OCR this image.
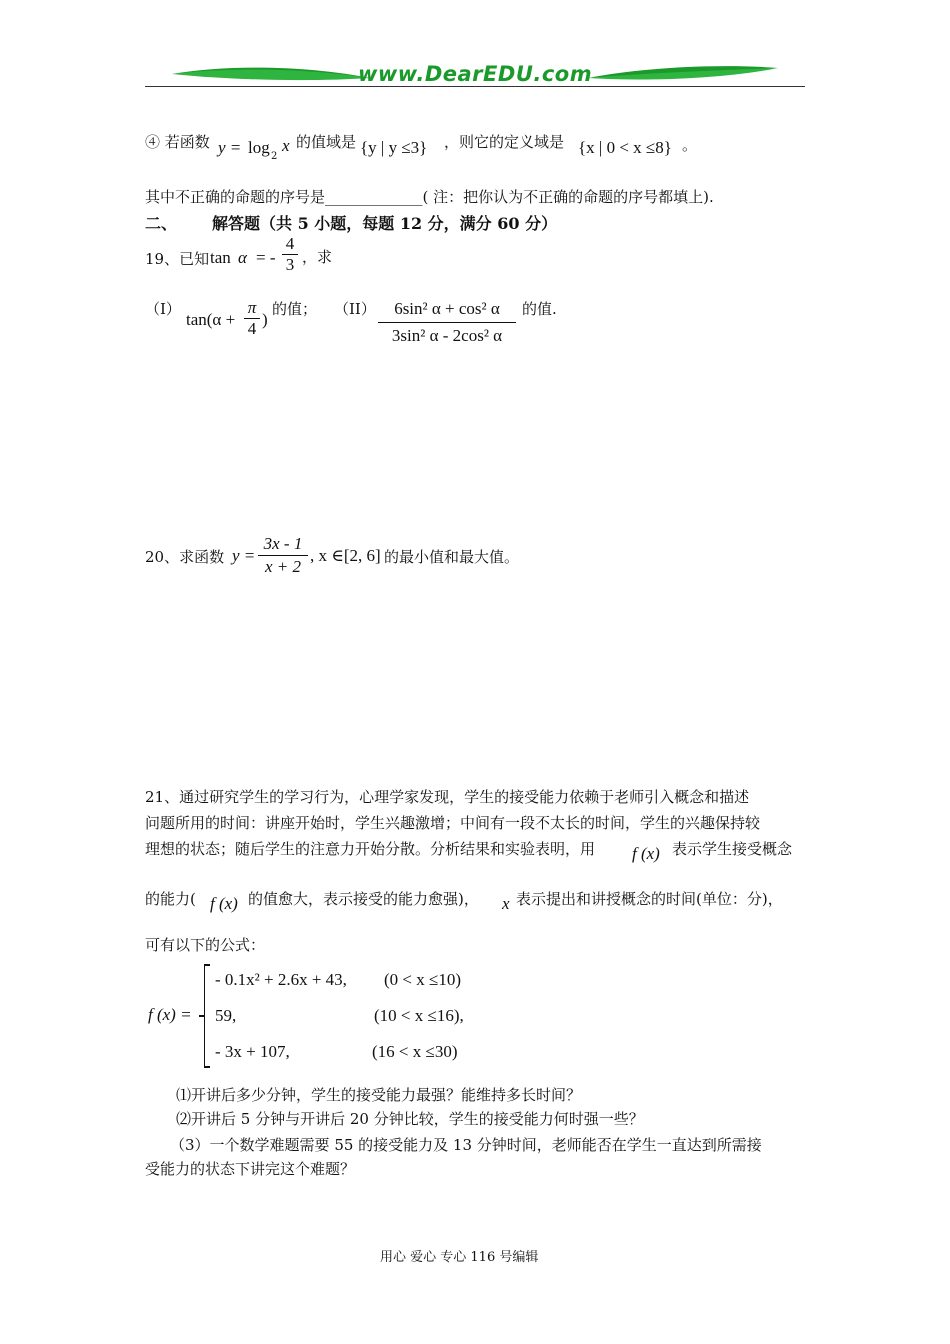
www.DearEDU.com
④ 若函数 y = log 2
x 的值域是 {y | y ≤3} ，则它的定义域是 {x | 0 < x ≤8} 。
其中不正确的命题的序号是_____________( 注：把你认为不正确的命题的序号都填上).
二、 解答题（共 5 小题，每题 12 分，满分 60 分）
19、已知 tan α = - $\frac{4}{3}$ ，求
（I）
$\tan(\alpha + \frac{\pi}{4}$ )
的值； $(II) \frac{\text{6sin² α + cos² α}}{\text{3sin² α - 2cos² α}}$ 的值.
20、求函数 $y = \frac{3x - 1}{x + 2}$ , x ∈[2, 6] 的最小值和最大值。
21、通过研究学生的学习行为，心理学家发现，学生的接受能力依赖于老师引入概念和描述
问题所用的时间：讲座开始时，学生兴趣激增；中间有一段不太长的时间，学生的兴趣保持较
理想的状态；随后学生的注意力开始分散。分析结果和实验表明，用 f (x) 表示学生接受概念
的能力( f (x) 的值愈大，表示接受的能力愈强)， x 表示提出和讲授概念的时间(单位：分)，
可有以下的公式：
f (x) =
- 0.1x² + 2.6x + 43, (0 < x ≤10)
59,	(10 < x ≤16),
- 3x + 107,	(16 < x ≤30)
⑴开讲后多少分钟，学生的接受能力最强？能维持多长时间？
⑵开讲后 5 分钟与开讲后 20 分钟比较，学生的接受能力何时强一些？
（3）一个数学难题需要 55 的接受能力及 13 分钟时间，老师能否在学生一直达到所需接
受能力的状态下讲完这个难题？
用心 爱心 专心 116 号编辑
